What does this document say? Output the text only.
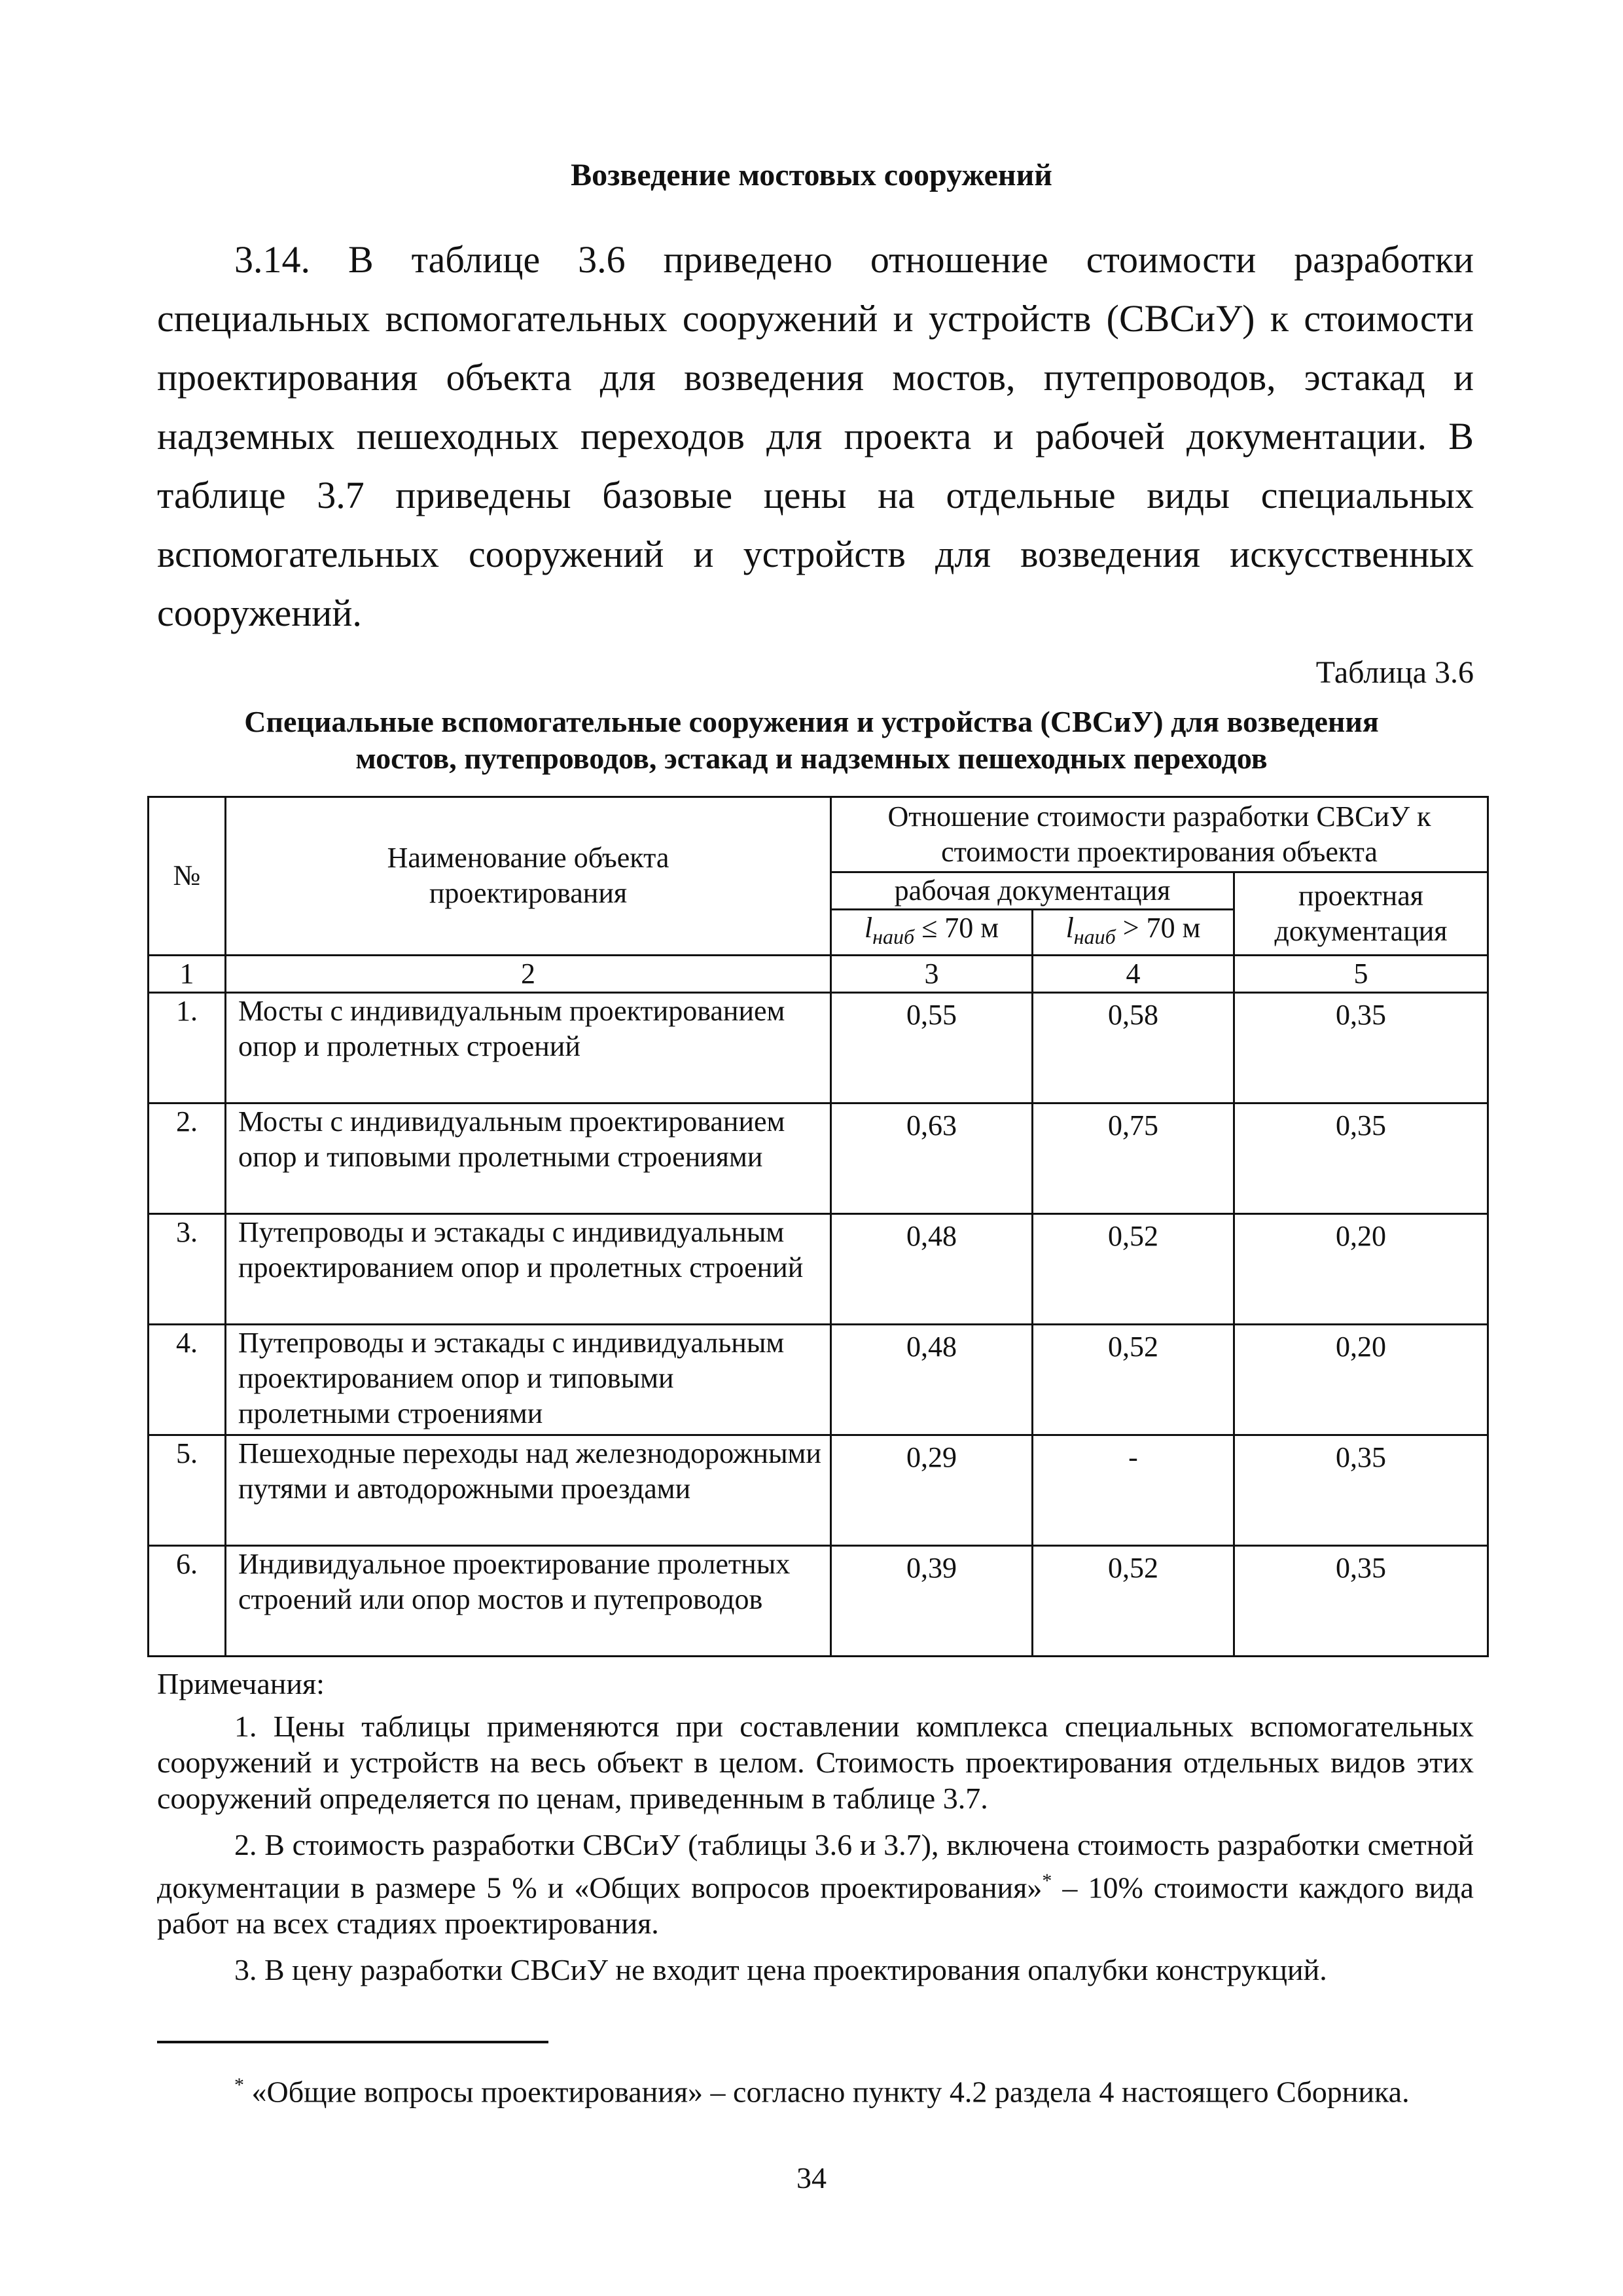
Возведение мостовых сооружений
3.14. В таблице 3.6 приведено отношение стоимости разработки специальных вспомогательных сооружений и устройств (СВСиУ) к стоимости проектирования объекта для возведения мостов, путепроводов, эстакад и надземных пешеходных переходов для проекта и рабочей документации. В таблице 3.7 приведены базовые цены на отдельные виды специальных вспомогательных сооружений и устройств для возведения искусственных сооружений.
Таблица 3.6
Специальные вспомогательные сооружения и устройства (СВСиУ) для возведения
мостов, путепроводов, эстакад и надземных пешеходных переходов
№	Наименование объекта проектирования	Отношение стоимости разработки СВСиУ к стоимости проектирования объекта		
		рабочая документация		проектная документация
		$l_{наиб} \le 70$ м	$l_{наиб} > 70$ м	
1	2	3	4	5
1.	Мосты с индивидуальным проектированием опор и пролетных строений	0,55	0,58	0,35
2.	Мосты с индивидуальным проектированием опор и типовыми пролетными строениями	0,63	0,75	0,35
3.	Путепроводы и эстакады с индивидуальным проектированием опор и пролетных строений	0,48	0,52	0,20
4.	Путепроводы и эстакады с индивидуальным проектированием опор и типовыми пролетными строениями	0,48	0,52	0,20
5.	Пешеходные переходы над железнодорожными путями и автодорожными проездами	0,29	-	0,35
6.	Индивидуальное проектирование пролетных строений или опор мостов и путепроводов	0,39	0,52	0,35
Примечания:
1. Цены таблицы применяются при составлении комплекса специальных вспомогательных сооружений и устройств на весь объект в целом. Стоимость проектирования отдельных видов этих сооружений определяется по ценам, приведенным в таблице 3.7.
2. В стоимость разработки СВСиУ (таблицы 3.6 и 3.7), включена стоимость разработки сметной документации в размере 5 % и «Общих вопросов проектирования»* – 10% стоимости каждого вида работ на всех стадиях проектирования.
3. В цену разработки СВСиУ не входит цена проектирования опалубки конструкций.
* «Общие вопросы проектирования» – согласно пункту 4.2 раздела 4 настоящего Сборника.
34
